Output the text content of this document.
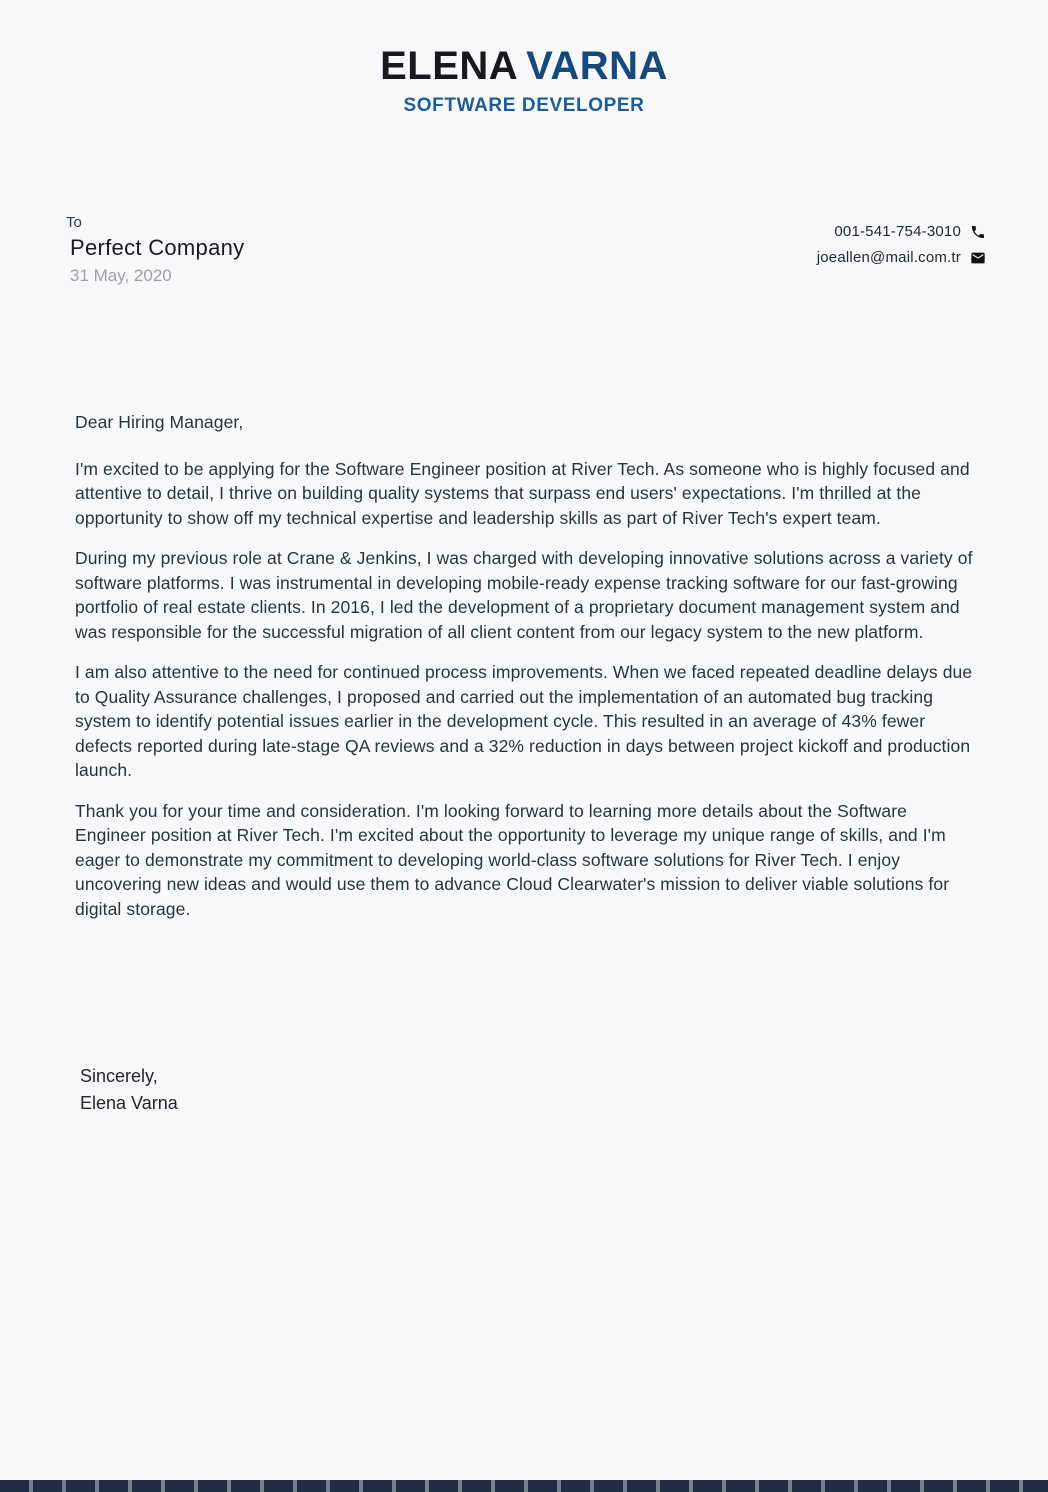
ELENA VARNA
SOFTWARE DEVELOPER
To
Perfect Company
31 May, 2020
001-541-754-3010
joeallen@mail.com.tr

Dear Hiring Manager,

I'm excited to be applying for the Software Engineer position at River Tech. As someone who is highly focused and attentive to detail, I thrive on building quality systems that surpass end users' expectations. I'm thrilled at the opportunity to show off my technical expertise and leadership skills as part of River Tech's expert team.

During my previous role at Crane & Jenkins, I was charged with developing innovative solutions across a variety of software platforms. I was instrumental in developing mobile-ready expense tracking software for our fast-growing portfolio of real estate clients. In 2016, I led the development of a proprietary document management system and was responsible for the successful migration of all client content from our legacy system to the new platform.

I am also attentive to the need for continued process improvements. When we faced repeated deadline delays due to Quality Assurance challenges, I proposed and carried out the implementation of an automated bug tracking system to identify potential issues earlier in the development cycle. This resulted in an average of 43% fewer defects reported during late-stage QA reviews and a 32% reduction in days between project kickoff and production launch.

Thank you for your time and consideration. I'm looking forward to learning more details about the Software Engineer position at River Tech. I'm excited about the opportunity to leverage my unique range of skills, and I'm eager to demonstrate my commitment to developing world-class software solutions for River Tech. I enjoy uncovering new ideas and would use them to advance Cloud Clearwater's mission to deliver viable solutions for digital storage.

Sincerely,
Elena Varna
